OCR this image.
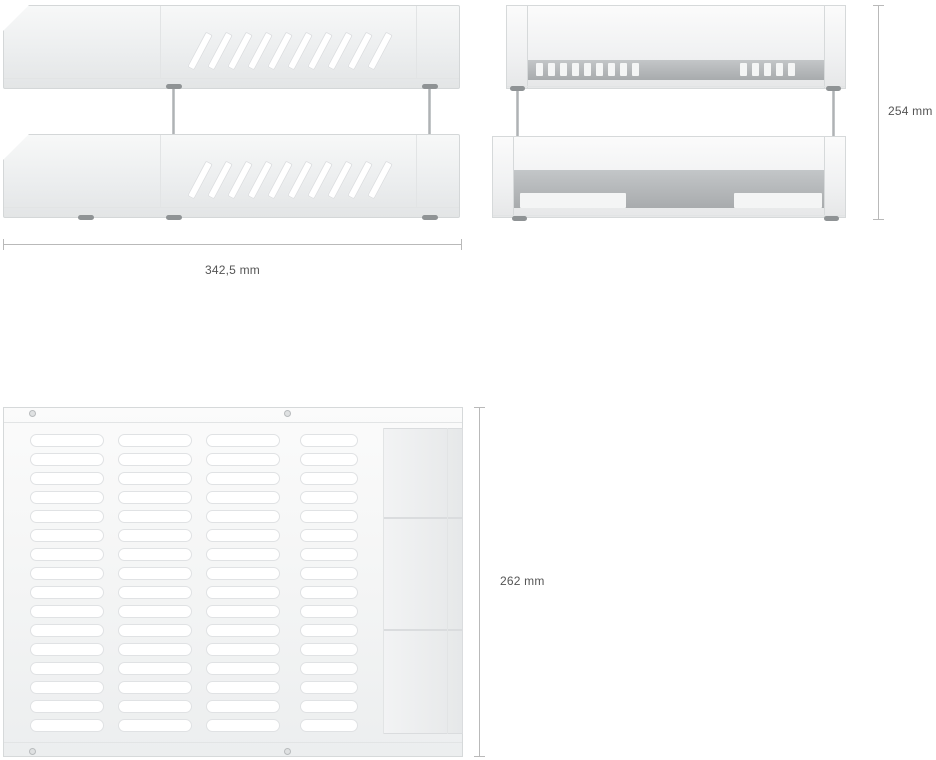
342,5 mm
254 mm
262 mm
